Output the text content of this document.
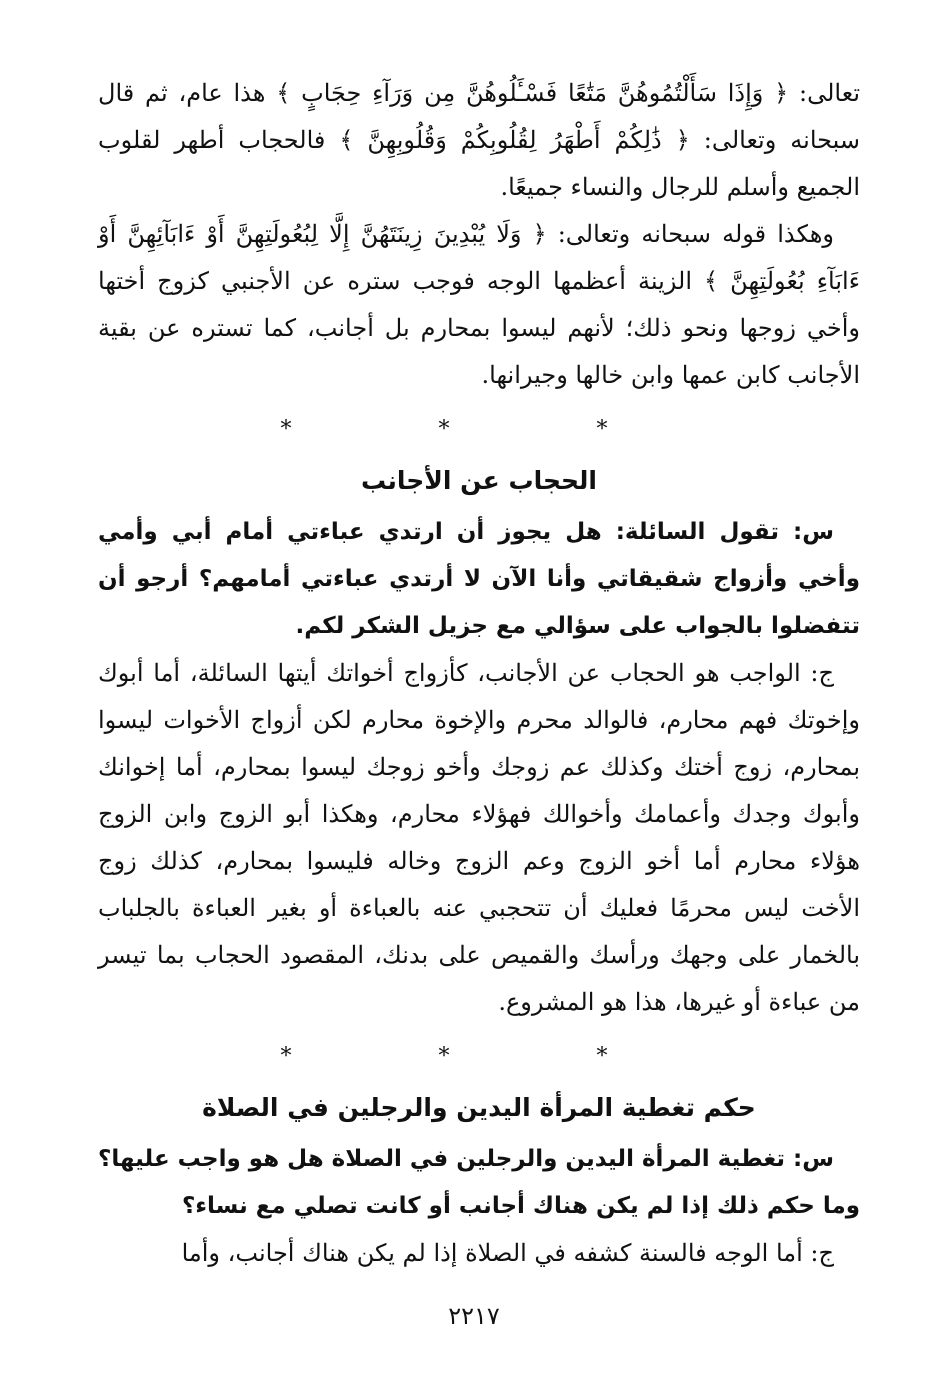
تعالى: ﴿ وَإِذَا سَأَلْتُمُوهُنَّ مَتَٰعًا فَسْـَٔلُوهُنَّ مِن وَرَآءِ حِجَابٍ ﴾ هذا عام، ثم قال سبحانه وتعالى: ﴿ ذَٰلِكُمْ أَطْهَرُ لِقُلُوبِكُمْ وَقُلُوبِهِنَّ ﴾ فالحجاب أطهر لقلوب الجميع وأسلم للرجال والنساء جميعًا.

وهكذا قوله سبحانه وتعالى: ﴿ وَلَا يُبْدِينَ زِينَتَهُنَّ إِلَّا لِبُعُولَتِهِنَّ أَوْ ءَابَآئِهِنَّ أَوْ ءَابَآءِ بُعُولَتِهِنَّ ﴾ الزينة أعظمها الوجه فوجب ستره عن الأجنبي كزوج أختها وأخي زوجها ونحو ذلك؛ لأنهم ليسوا بمحارم بل أجانب، كما تستره عن بقية الأجانب كابن عمها وابن خالها وجيرانها.

* * *
الحجاب عن الأجانب

س: تقول السائلة: هل يجوز أن ارتدي عباءتي أمام أبي وأمي وأخي وأزواج شقيقاتي وأنا الآن لا أرتدي عباءتي أمامهم؟ أرجو أن تتفضلوا بالجواب على سؤالي مع جزيل الشكر لكم.

ج: الواجب هو الحجاب عن الأجانب، كأزواج أخواتك أيتها السائلة، أما أبوك وإخوتك فهم محارم، فالوالد محرم والإخوة محارم لكن أزواج الأخوات ليسوا بمحارم، زوج أختك وكذلك عم زوجك وأخو زوجك ليسوا بمحارم، أما إخوانك وأبوك وجدك وأعمامك وأخوالك فهؤلاء محارم، وهكذا أبو الزوج وابن الزوج هؤلاء محارم أما أخو الزوج وعم الزوج وخاله فليسوا بمحارم، كذلك زوج الأخت ليس محرمًا فعليك أن تتحجبي عنه بالعباءة أو بغير العباءة بالجلباب بالخمار على وجهك ورأسك والقميص على بدنك، المقصود الحجاب بما تيسر من عباءة أو غيرها، هذا هو المشروع.

* * *
حكم تغطية المرأة اليدين والرجلين في الصلاة

س: تغطية المرأة اليدين والرجلين في الصلاة هل هو واجب عليها؟ وما حكم ذلك إذا لم يكن هناك أجانب أو كانت تصلي مع نساء؟

ج: أما الوجه فالسنة كشفه في الصلاة إذا لم يكن هناك أجانب، وأما

٢٢١٧
